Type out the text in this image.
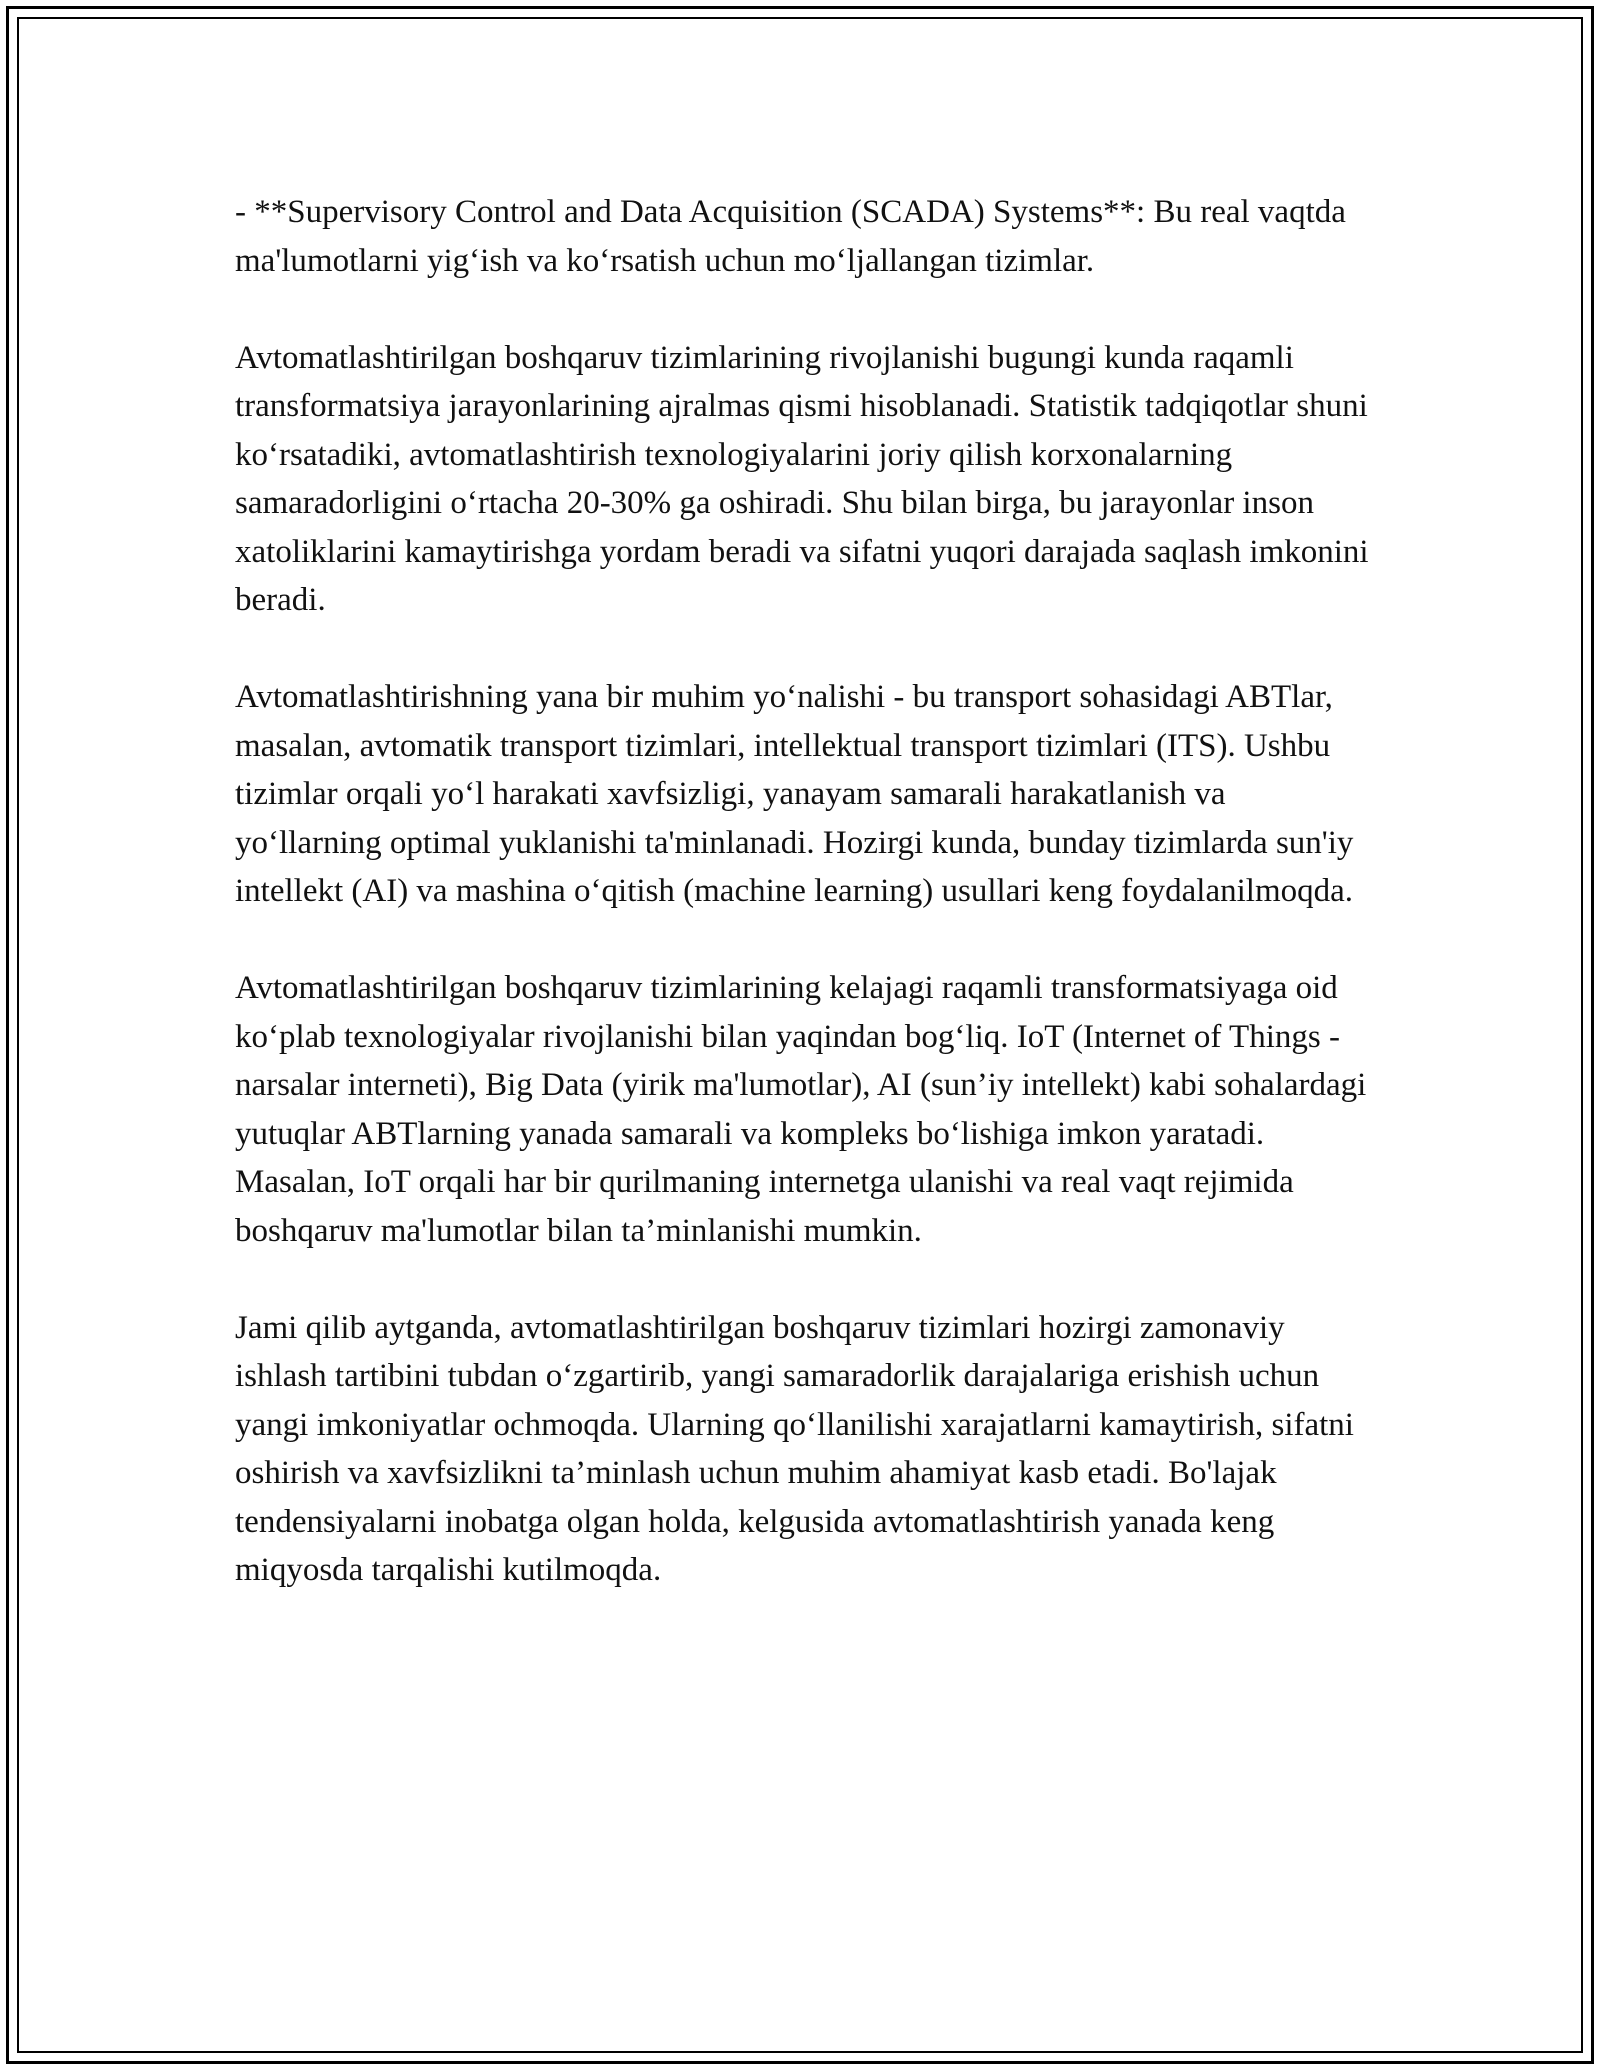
- **Supervisory Control and Data Acquisition (SCADA) Systems**: Bu real vaqtda ma'lumotlarni yig‘ish va ko‘rsatish uchun mo‘ljallangan tizimlar.

Avtomatlashtirilgan boshqaruv tizimlarining rivojlanishi bugungi kunda raqamli transformatsiya jarayonlarining ajralmas qismi hisoblanadi. Statistik tadqiqotlar shuni ko‘rsatadiki, avtomatlashtirish texnologiyalarini joriy qilish korxonalarning samaradorligini o‘rtacha 20-30% ga oshiradi. Shu bilan birga, bu jarayonlar inson xatoliklarini kamaytirishga yordam beradi va sifatni yuqori darajada saqlash imkonini beradi.

Avtomatlashtirishning yana bir muhim yo‘nalishi - bu transport sohasidagi ABTlar, masalan, avtomatik transport tizimlari, intellektual transport tizimlari (ITS). Ushbu tizimlar orqali yo‘l harakati xavfsizligi, yanayam samarali harakatlanish va yo‘llarning optimal yuklanishi ta'minlanadi. Hozirgi kunda, bunday tizimlarda sun'iy intellekt (AI) va mashina o‘qitish (machine learning) usullari keng foydalanilmoqda.

Avtomatlashtirilgan boshqaruv tizimlarining kelajagi raqamli transformatsiyaga oid ko‘plab texnologiyalar rivojlanishi bilan yaqindan bog‘liq. IoT (Internet of Things - narsalar interneti), Big Data (yirik ma'lumotlar), AI (sun’iy intellekt) kabi sohalardagi yutuqlar ABTlarning yanada samarali va kompleks bo‘lishiga imkon yaratadi. Masalan, IoT orqali har bir qurilmaning internetga ulanishi va real vaqt rejimida boshqaruv ma'lumotlar bilan ta’minlanishi mumkin.

Jami qilib aytganda, avtomatlashtirilgan boshqaruv tizimlari hozirgi zamonaviy ishlash tartibini tubdan o‘zgartirib, yangi samaradorlik darajalariga erishish uchun yangi imkoniyatlar ochmoqda. Ularning qo‘llanilishi xarajatlarni kamaytirish, sifatni oshirish va xavfsizlikni ta’minlash uchun muhim ahamiyat kasb etadi. Bo'lajak tendensiyalarni inobatga olgan holda, kelgusida avtomatlashtirish yanada keng miqyosda tarqalishi kutilmoqda.
